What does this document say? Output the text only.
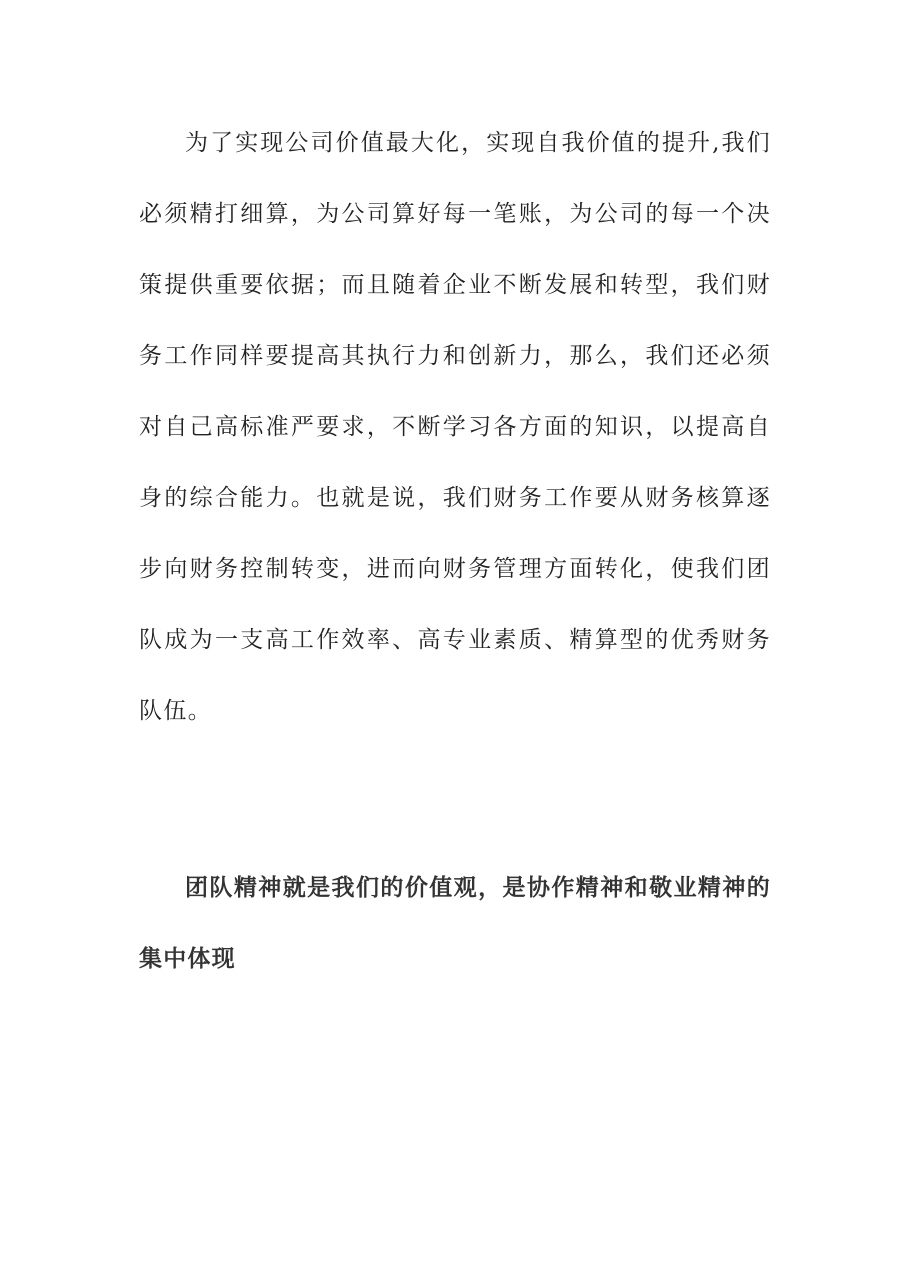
为了实现公司价值最大化，实现自我价值的提升,我们必须精打细算，为公司算好每一笔账，为公司的每一个决策提供重要依据；而且随着企业不断发展和转型，我们财务工作同样要提高其执行力和创新力，那么，我们还必须对自己高标准严要求，不断学习各方面的知识，以提高自身的综合能力。也就是说，我们财务工作要从财务核算逐步向财务控制转变，进而向财务管理方面转化，使我们团队成为一支高工作效率、高专业素质、精算型的优秀财务队伍。

团队精神就是我们的价值观，是协作精神和敬业精神的集中体现
